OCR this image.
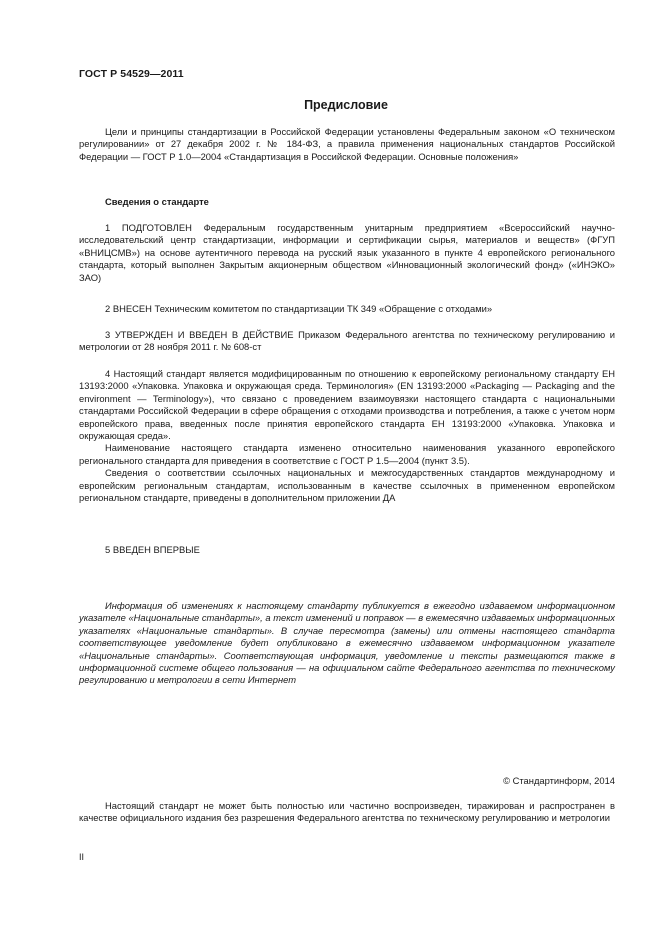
ГОСТ Р 54529—2011
Предисловие

Цели и принципы стандартизации в Российской Федерации установлены Федеральным законом «О техническом регулировании» от 27 декабря 2002 г. № 184-ФЗ, а правила применения национальных стандартов Российской Федерации — ГОСТ Р 1.0—2004 «Стандартизация в Российской Федерации. Основные положения»

Сведения о стандарте

1 ПОДГОТОВЛЕН Федеральным государственным унитарным предприятием «Всероссийский научно-исследовательский центр стандартизации, информации и сертификации сырья, материалов и веществ» (ФГУП «ВНИЦСМВ») на основе аутентичного перевода на русский язык указанного в пункте 4 европейского регионального стандарта, который выполнен Закрытым акционерным обществом «Инновационный экологический фонд» («ИНЭКО» ЗАО)

2 ВНЕСЕН Техническим комитетом по стандартизации ТК 349 «Обращение с отходами»

3 УТВЕРЖДЕН И ВВЕДЕН В ДЕЙСТВИЕ Приказом Федерального агентства по техническому регулированию и метрологии от 28 ноября 2011 г. № 608-ст

4 Настоящий стандарт является модифицированным по отношению к европейскому региональному стандарту ЕН 13193:2000 «Упаковка. Упаковка и окружающая среда. Терминология» (EN 13193:2000 «Packaging — Packaging and the environment — Terminology»), что связано с проведением взаимоувязки настоящего стандарта с национальными стандартами Российской Федерации в сфере обращения с отходами производства и потребления, а также с учетом норм европейского права, введенных после принятия европейского стандарта ЕН 13193:2000 «Упаковка. Упаковка и окружающая среда».

Наименование настоящего стандарта изменено относительно наименования указанного европейского регионального стандарта для приведения в соответствие с ГОСТ Р 1.5—2004 (пункт 3.5).

Сведения о соответствии ссылочных национальных и межгосударственных стандартов международному и европейским региональным стандартам, использованным в качестве ссылочных в примененном европейском региональном стандарте, приведены в дополнительном приложении ДА

5 ВВЕДЕН ВПЕРВЫЕ

Информация об изменениях к настоящему стандарту публикуется в ежегодно издаваемом информационном указателе «Национальные стандарты», а текст изменений и поправок — в ежемесячно издаваемых информационных указателях «Национальные стандарты». В случае пересмотра (замены) или отмены настоящего стандарта соответствующее уведомление будет опубликовано в ежемесячно издаваемом информационном указателе «Национальные стандарты». Соответствующая информация, уведомление и тексты размещаются также в информационной системе общего пользования — на официальном сайте Федерального агентства по техническому регулированию и метрологии в сети Интернет

© Стандартинформ, 2014

Настоящий стандарт не может быть полностью или частично воспроизведен, тиражирован и распространен в качестве официального издания без разрешения Федерального агентства по техническому регулированию и метрологии

II
